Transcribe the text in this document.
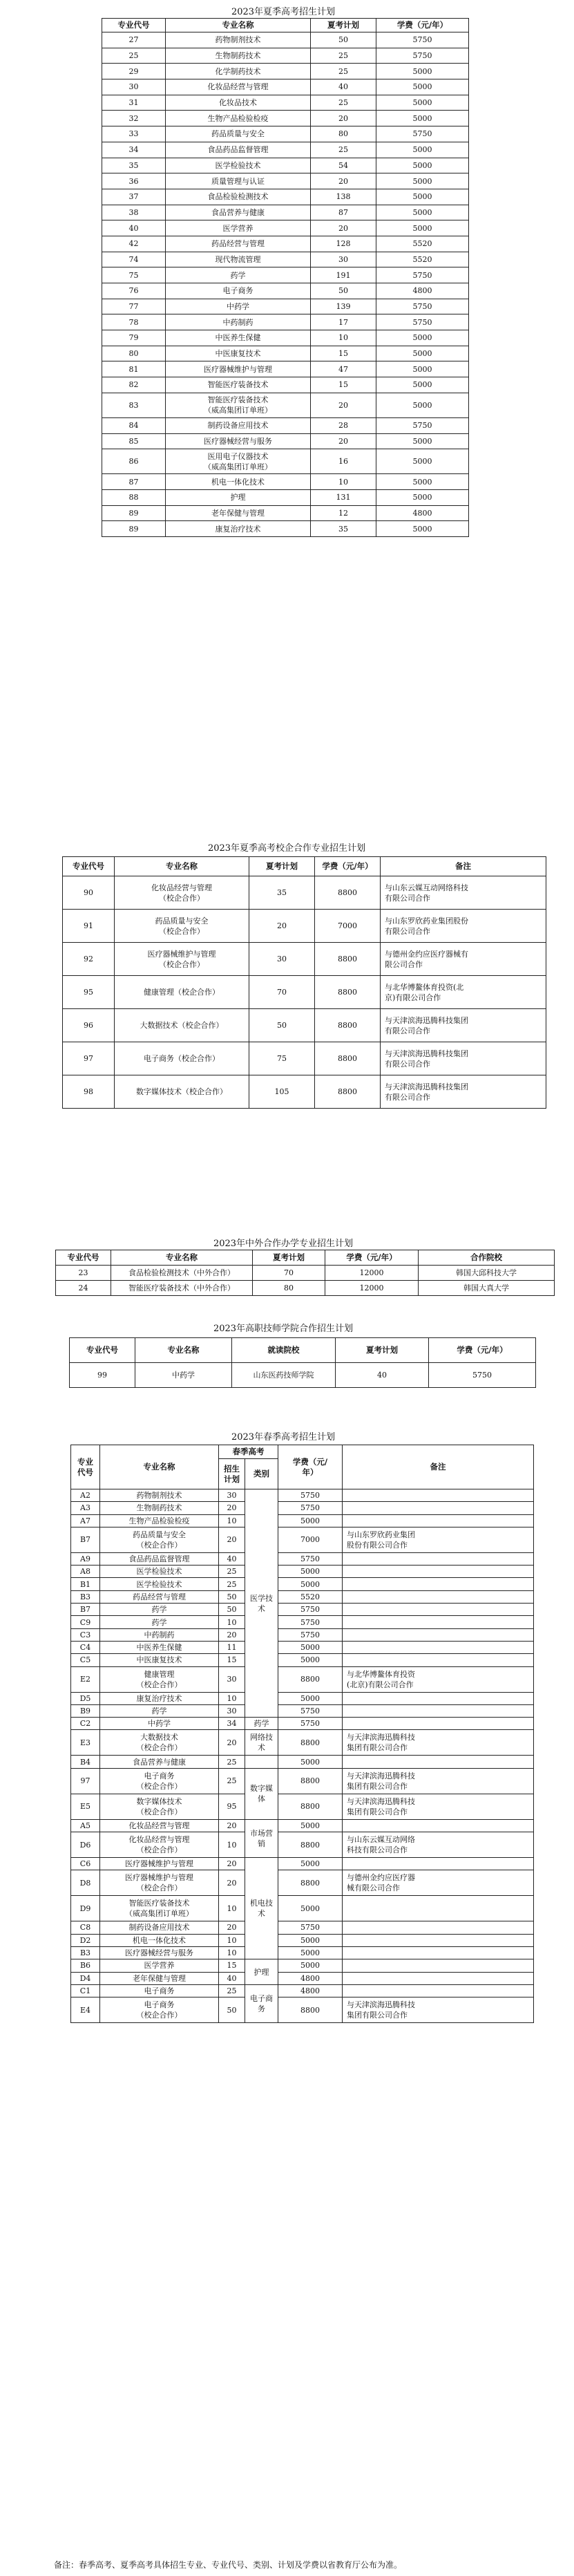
2023年夏季高考招生计划
专业代号	专业名称	夏考计划	学费（元/年）

27	药物制剂技术	50	5750

25	生物制药技术	25	5750

29	化学制药技术	25	5000

30	化妆品经营与管理	40	5000

31	化妆品技术	25	5000

32	生物产品检验检疫	20	5000

33	药品质量与安全	80	5750

34	食品药品监督管理	25	5000

35	医学检验技术	54	5000

36	质量管理与认证	20	5000

37	食品检验检测技术	138	5000

38	食品营养与健康	87	5000

40	医学营养	20	5000

42	药品经营与管理	128	5520

74	现代物流管理	30	5520

75	药学	191	5750

76	电子商务	50	4800

77	中药学	139	5750

78	中药制药	17	5750

79	中医养生保健	10	5000

80	中医康复技术	15	5000

81	医疗器械维护与管理	47	5000

82	智能医疗装备技术	15	5000

83	智能医疗装备技术
（威高集团订单班）	20	5000

84	制药设备应用技术	28	5750

85	医疗器械经营与服务	20	5000

86	医用电子仪器技术
（威高集团订单班）	16	5000

87	机电一体化技术	10	5000

88	护理	131	5000

89	老年保健与管理	12	4800

89	康复治疗技术	35	5000
2023年夏季高考校企合作专业招生计划
专业代号	专业名称	夏考计划	学费（元/年）	备注

90	化妆品经营与管理
（校企合作）	35	8800	与山东云媒互动网络科技
有限公司合作

91	药品质量与安全
（校企合作）	20	7000	与山东罗欣药业集团股份
有限公司合作

92	医疗器械维护与管理
（校企合作）	30	8800	与德州金约应医疗器械有
限公司合作

95	健康管理（校企合作）	70	8800	与北华博鳌体育投资(北
京)有限公司合作

96	大数据技术（校企合作）	50	8800	与天津滨海迅腾科技集团
有限公司合作

97	电子商务（校企合作）	75	8800	与天津滨海迅腾科技集团
有限公司合作

98	数字媒体技术（校企合作）	105	8800	与天津滨海迅腾科技集团
有限公司合作
2023年中外合作办学专业招生计划
专业代号	专业名称	夏考计划	学费（元/年）	合作院校

23	食品检验检测技术（中外合作）	70	12000	韩国大邱科技大学

24	智能医疗装备技术（中外合作）	80	12000	韩国大真大学
2023年高职技师学院合作招生计划
专业代号	专业名称	就读院校	夏考计划	学费（元/年）

99	中药学	山东医药技师学院	40	5750
2023年春季高考招生计划
专业
代号	专业名称	春季高考		学费（元/
年）	备注

		招生
计划	类别		

A2	药物制剂技术	30	医学技
术	5750	

A3	生物制药技术	20		5750	

A7	生物产品检验检疫	10		5000	

B7	药品质量与安全
（校企合作）	20		7000	与山东罗欣药业集团
股份有限公司合作

A9	食品药品监督管理	40		5750	

A8	医学检验技术	25		5000	

B1	医学检验技术	25		5000	

B3	药品经营与管理	50		5520	

B7	药学	50		5750	

C9	药学	10		5750	

C3	中药制药	20		5750	

C4	中医养生保健	11		5000	

C5	中医康复技术	15		5000	

E2	健康管理
（校企合作）	30		8800	与北华博鳌体育投资
(北京)有限公司合作

D5	康复治疗技术	10		5000	

B9	药学	30		5750	

C2	中药学	34	药学	5750	

E3	大数据技术
（校企合作）	20	网络技
术	8800	与天津滨海迅腾科技
集团有限公司合作

B4	食品营养与健康	25		5000	

97	电子商务
（校企合作）	25	数字媒
体	8800	与天津滨海迅腾科技
集团有限公司合作

E5	数字媒体技术
（校企合作）	95		8800	与天津滨海迅腾科技
集团有限公司合作

A5	化妆品经营与管理	20	市场营
销	5000	

D6	化妆品经营与管理
（校企合作）	10		8800	与山东云媒互动网络
科技有限公司合作

C6	医疗器械维护与管理	20	机电技
术	5000	

D8	医疗器械维护与管理
（校企合作）	20		8800	与德州金约应医疗器
械有限公司合作

D9	智能医疗装备技术
（威高集团订单班）	10		5000	

C8	制药设备应用技术	20		5750	

D2	机电一体化技术	10		5000	

B3	医疗器械经营与服务	10		5000	

B6	医学营养	15	护理	5000	

D4	老年保健与管理	40		4800	

C1	电子商务	25	电子商
务	4800	

E4	电子商务
（校企合作）	50		8800	与天津滨海迅腾科技
集团有限公司合作
备注：春季高考、夏季高考具体招生专业、专业代号、类别、计划及学费以省教育厅公布为准。
